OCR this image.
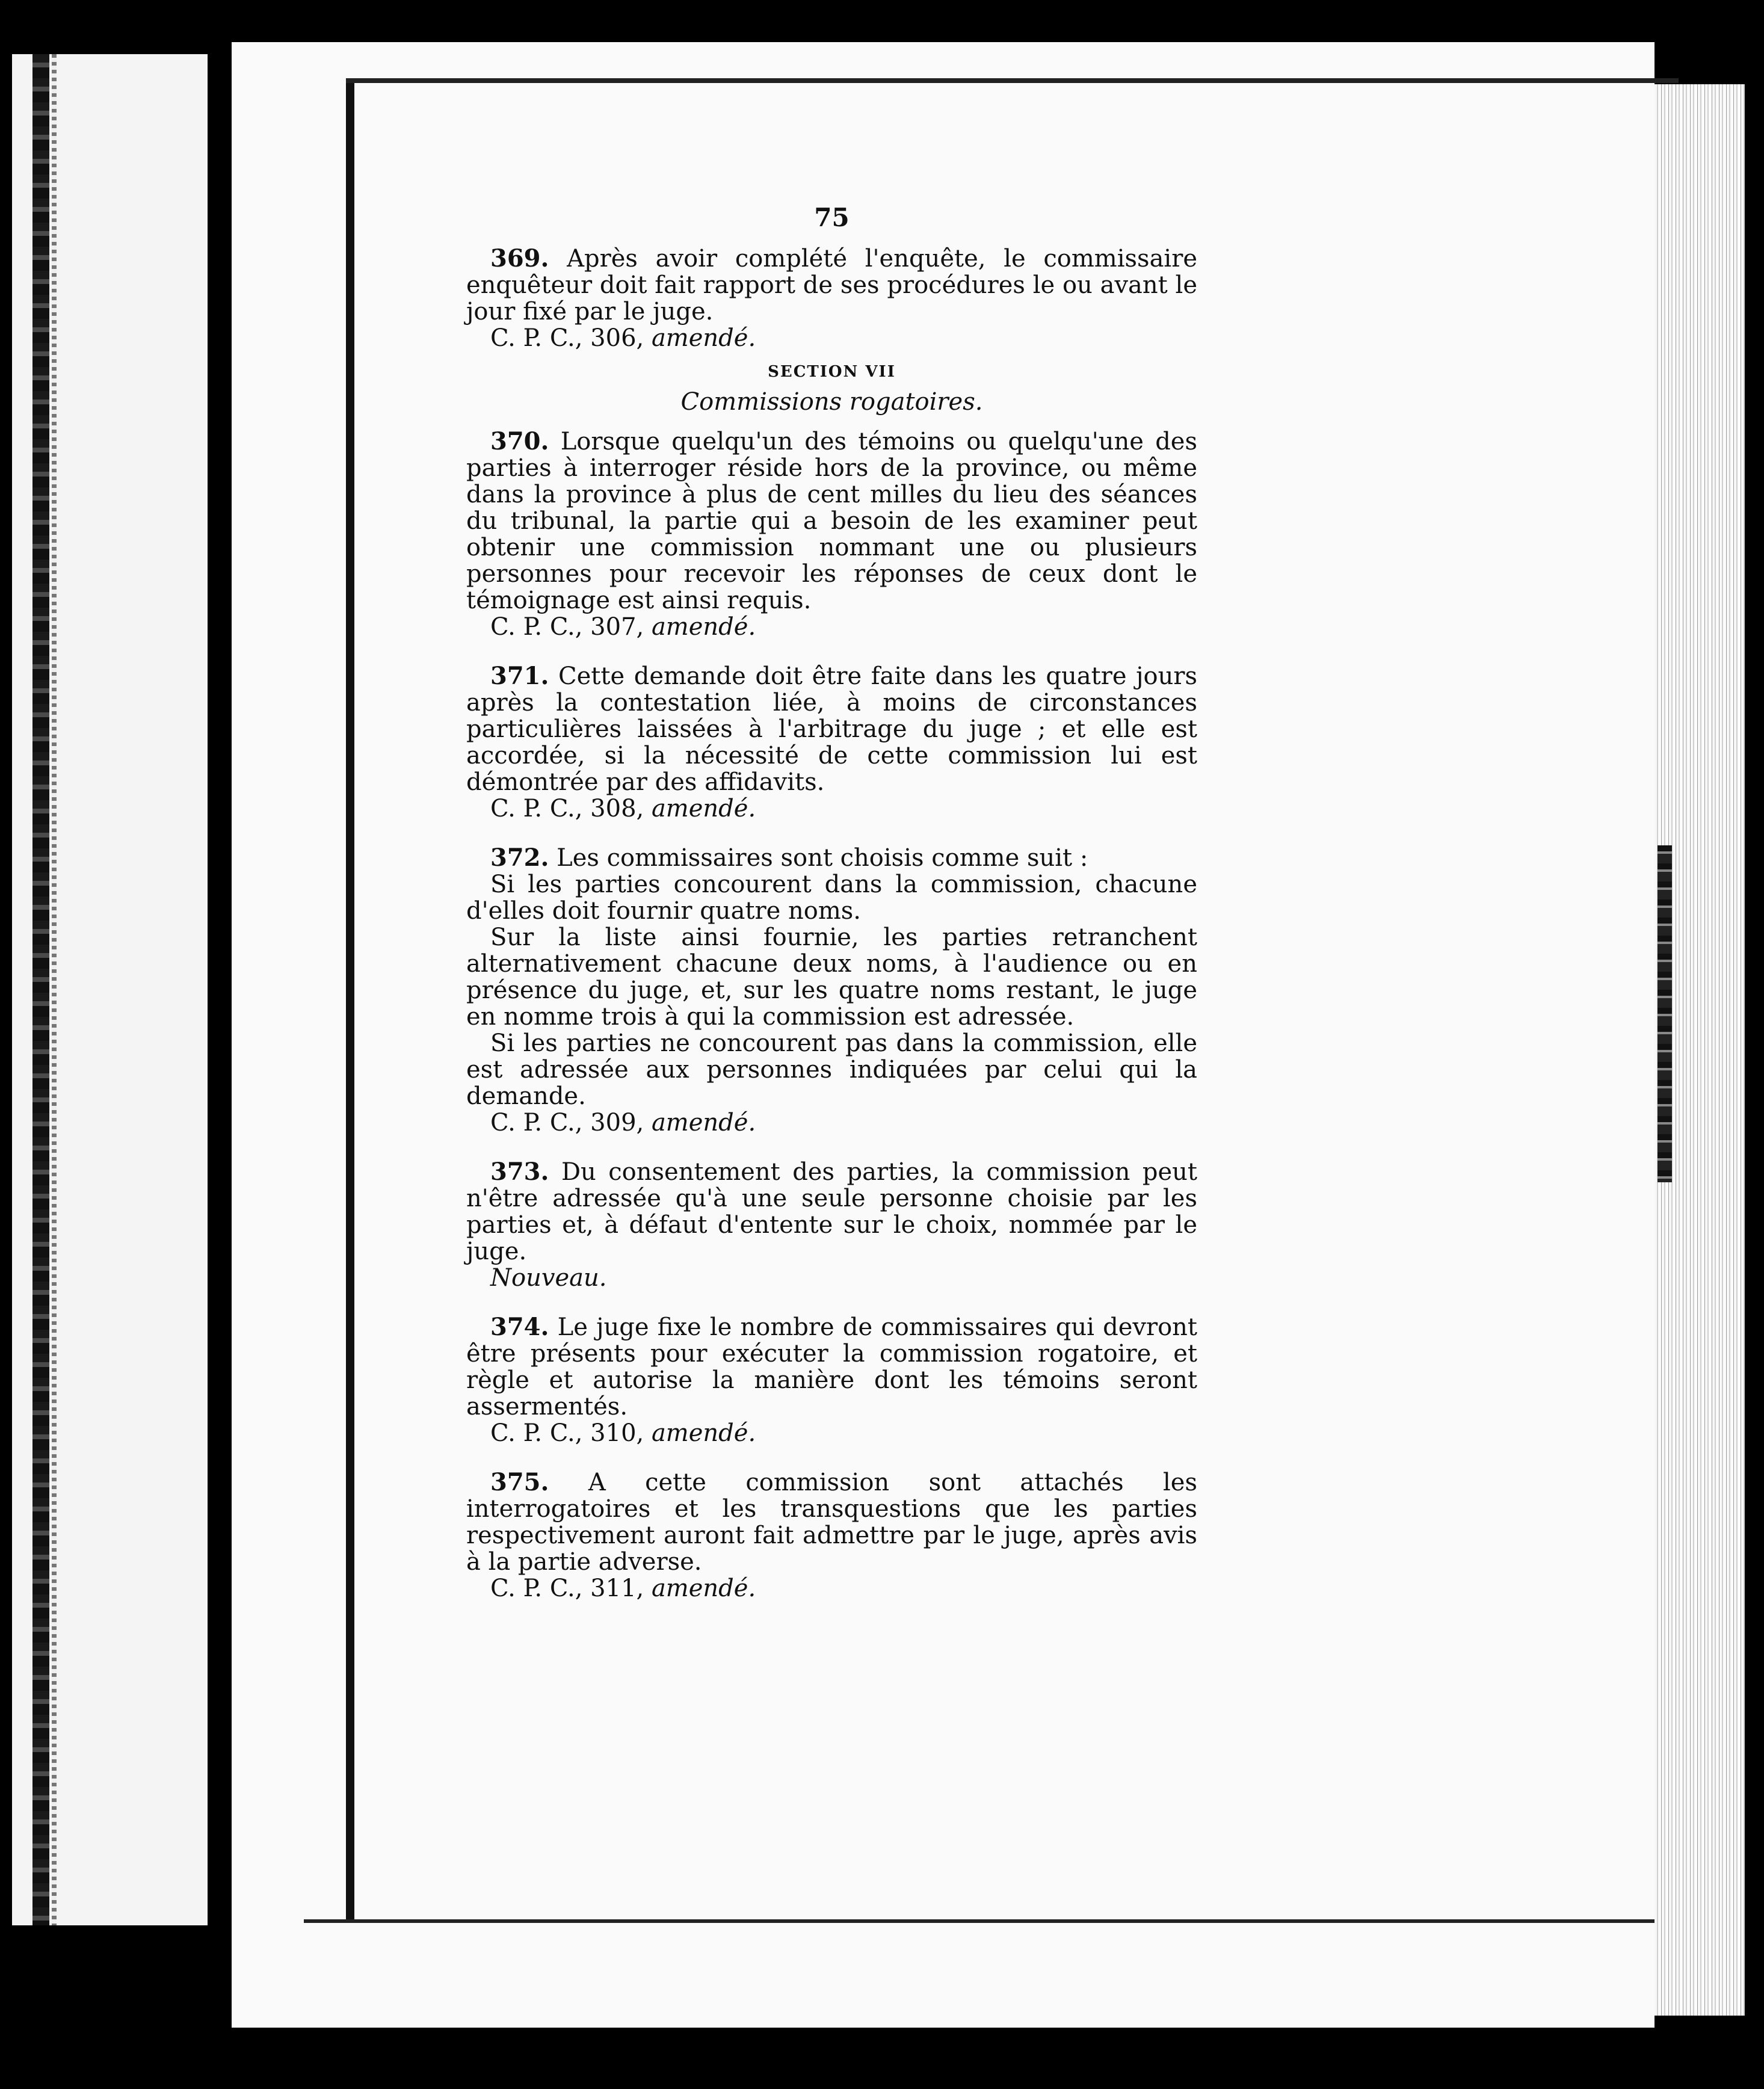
75
369. Après avoir complété l'enquête, le commissaire enquêteur doit fait rapport de ses procédures le ou avant le jour fixé par le juge.
C. P. C., 306, amendé.
SECTION VII
Commissions rogatoires.
370. Lorsque quelqu'un des témoins ou quelqu'une des parties à interroger réside hors de la province, ou même dans la province à plus de cent milles du lieu des séances du tribunal, la partie qui a besoin de les examiner peut obtenir une commission nommant une ou plusieurs personnes pour recevoir les réponses de ceux dont le témoignage est ainsi requis.
C. P. C., 307, amendé.
371. Cette demande doit être faite dans les quatre jours après la contestation liée, à moins de circonstances particulières laissées à l'arbitrage du juge ; et elle est accordée, si la nécessité de cette commission lui est démontrée par des affidavits.
C. P. C., 308, amendé.
372. Les commissaires sont choisis comme suit :
Si les parties concourent dans la commission, chacune d'elles doit fournir quatre noms.
Sur la liste ainsi fournie, les parties retranchent alternativement chacune deux noms, à l'audience ou en présence du juge, et, sur les quatre noms restant, le juge en nomme trois à qui la commission est adressée.
Si les parties ne concourent pas dans la commission, elle est adressée aux personnes indiquées par celui qui la demande.
C. P. C., 309, amendé.
373. Du consentement des parties, la commission peut n'être adressée qu'à une seule personne choisie par les parties et, à défaut d'entente sur le choix, nommée par le juge.
Nouveau.
374. Le juge fixe le nombre de commissaires qui devront être présents pour exécuter la commission rogatoire, et règle et autorise la manière dont les témoins seront assermentés.
C. P. C., 310, amendé.
375. A cette commission sont attachés les interrogatoires et les transquestions que les parties respectivement auront fait admettre par le juge, après avis à la partie adverse.
C. P. C., 311, amendé.
